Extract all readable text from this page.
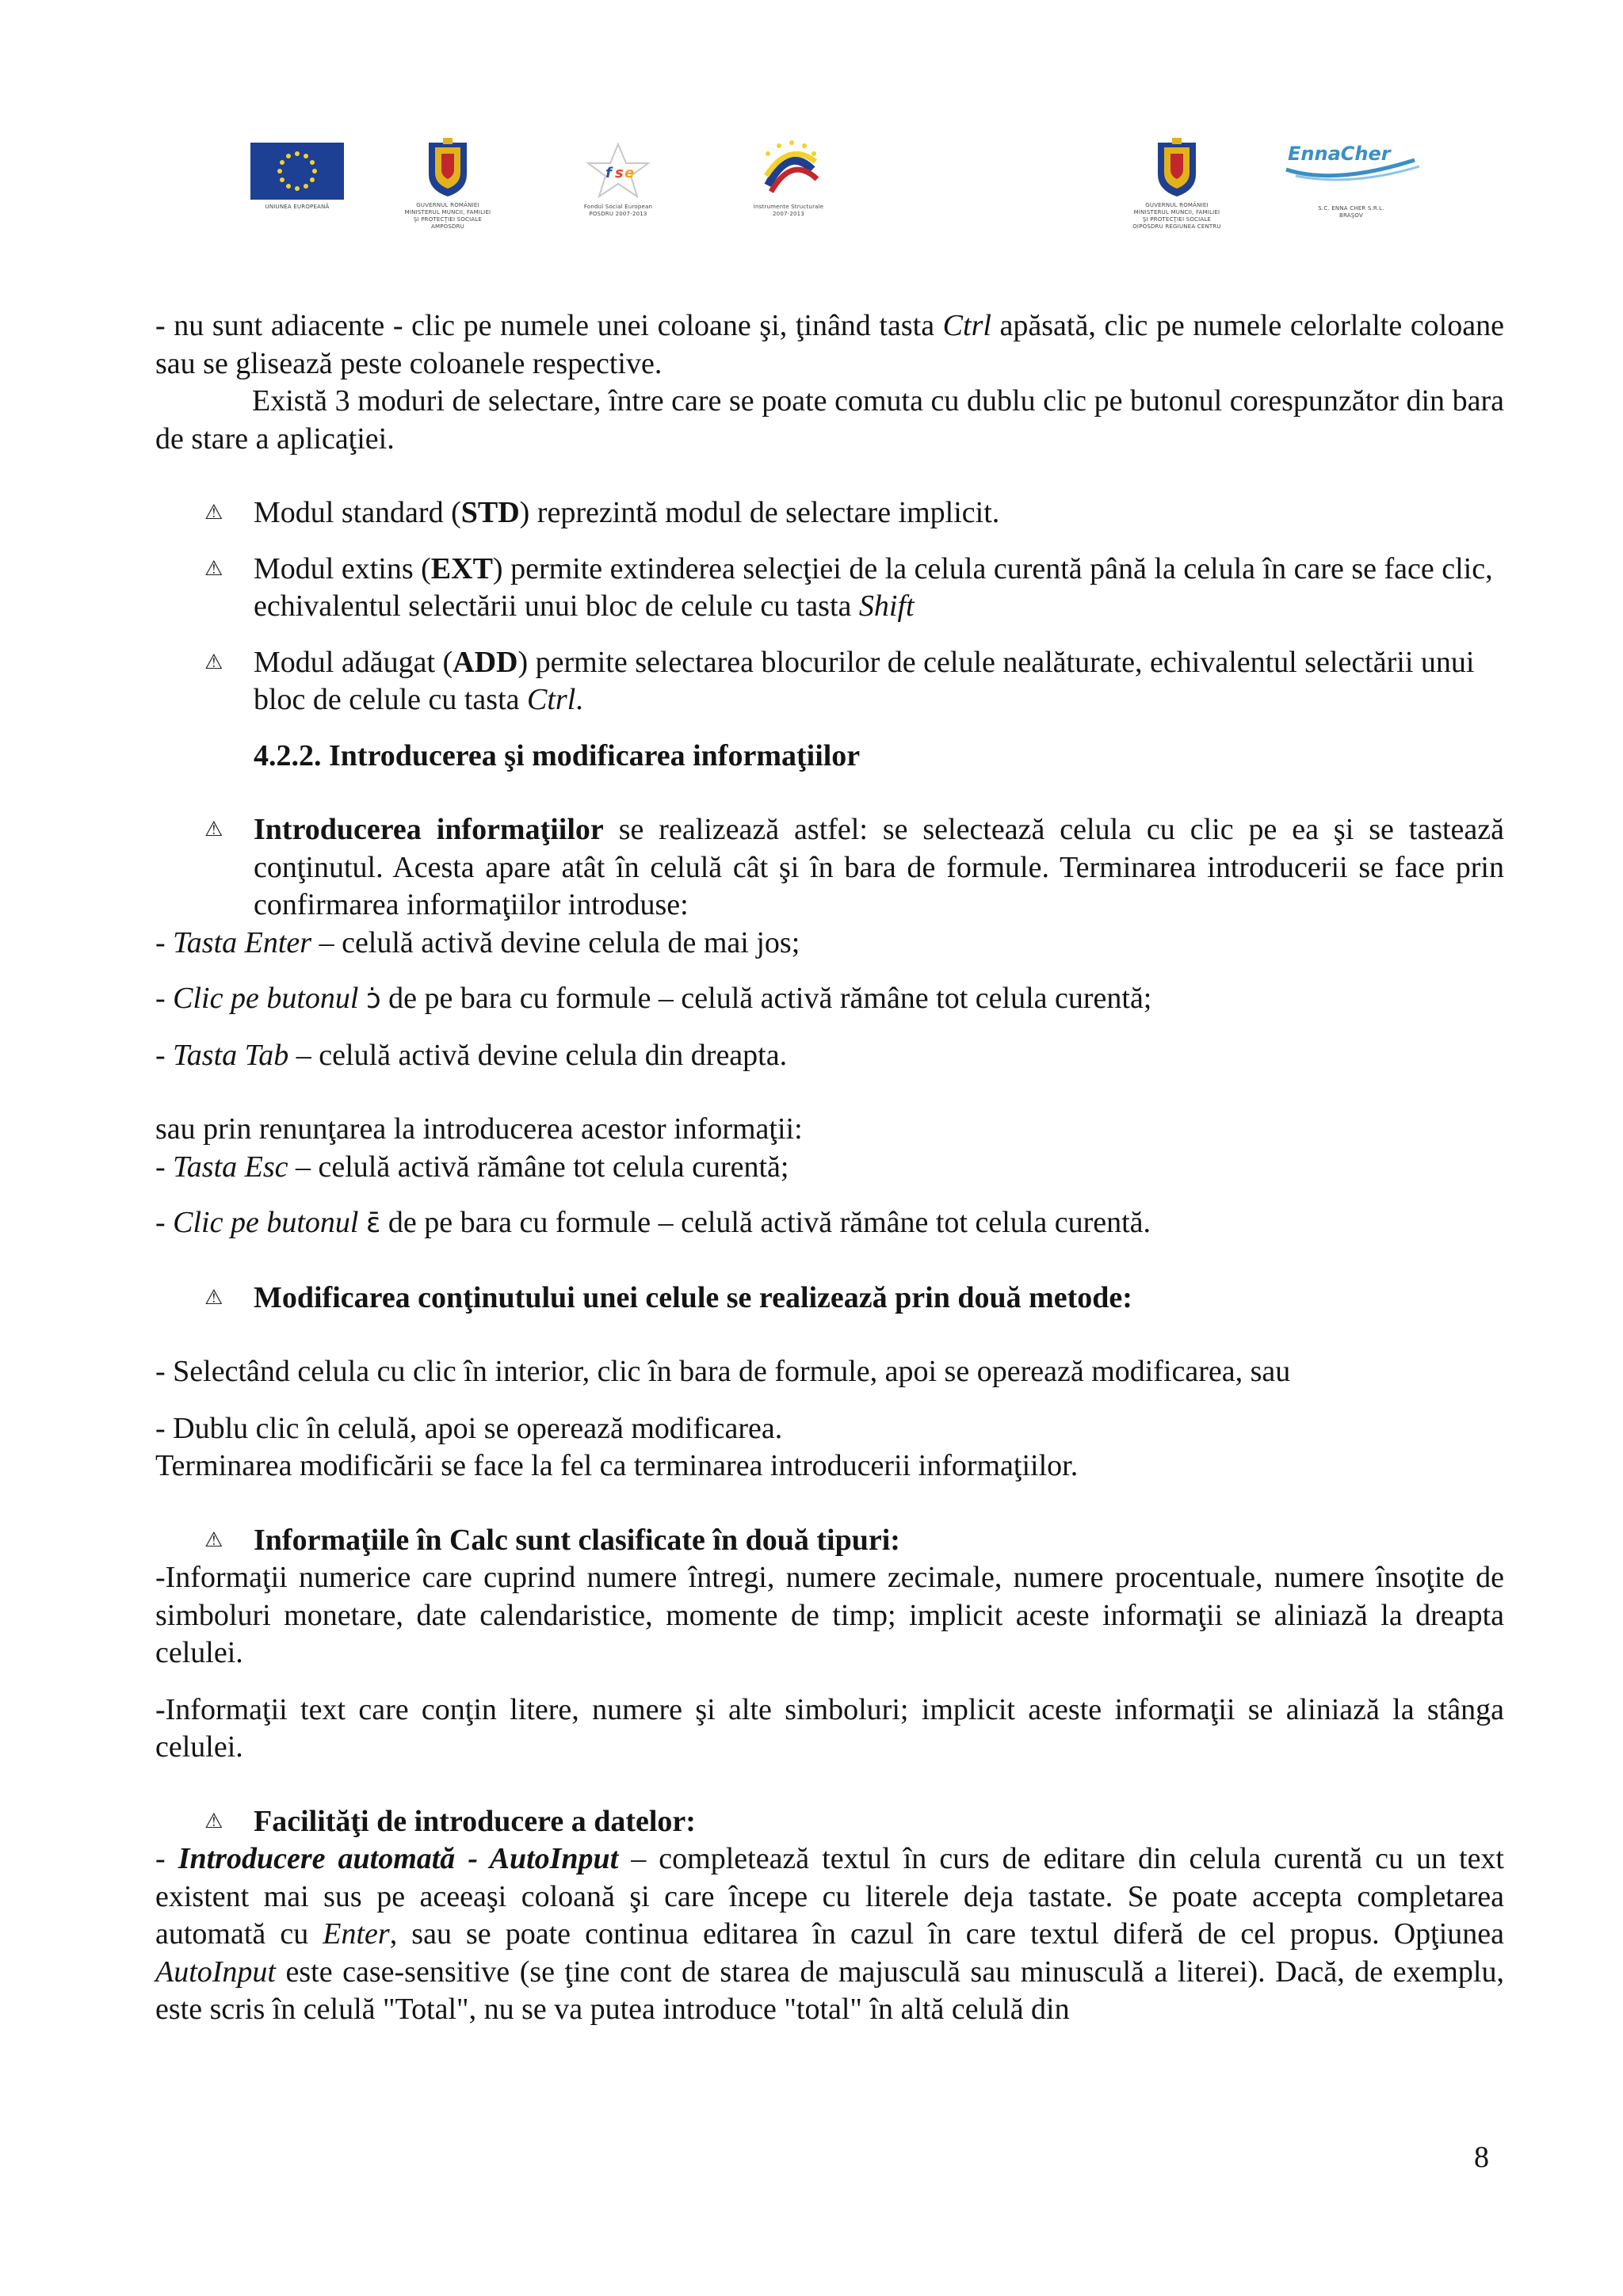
UNIUNEA EUROPEANĂ	GUVERNUL ROMÂNIEI
MINISTERUL MUNCII, FAMILIEI
ŞI PROTECŢIEI SOCIALE
AMPOSDRU
f s e
Fondul Social European
POSDRU 2007-2013
Instrumente Structurale
2007-2013
GUVERNUL ROMÂNIEI
MINISTERUL MUNCII, FAMILIEI
ŞI PROTECŢIEI SOCIALE
OIPOSDRU REGIUNEA CENTRU
EnnaCher
S.C. ENNA CHER S.R.L.
BRAŞOV

- nu sunt adiacente - clic pe numele unei coloane şi, ţinând tasta Ctrl apăsată, clic pe numele celorlalte coloane sau se glisează peste coloanele respective.

Există 3 moduri de selectare, între care se poate comuta cu dublu clic pe butonul corespunzător din bara de stare a aplicaţiei.

⚠ Modul standard (STD) reprezintă modul de selectare implicit.

⚠ Modul extins (EXT) permite extinderea selecţiei de la celula curentă până la celula în care se face clic, echivalentul selectării unui bloc de celule cu tasta Shift

⚠ Modul adăugat (ADD) permite selectarea blocurilor de celule nealăturate, echivalentul selectării unui bloc de celule cu tasta Ctrl.

4.2.2. Introducerea şi modificarea informaţiilor

⚠ Introducerea informaţiilor se realizează astfel: se selectează celula cu clic pe ea şi se tastează conţinutul. Acesta apare atât în celulă cât şi în bara de formule. Terminarea introducerii se face prin confirmarea informaţiilor introduse:

- Tasta Enter – celulă activă devine celula de mai jos;

- Clic pe butonul ɔ̇ de pe bara cu formule – celulă activă rămâne tot celula curentă;

- Tasta Tab – celulă activă devine celula din dreapta.

sau prin renunţarea la introducerea acestor informaţii:

- Tasta Esc – celulă activă rămâne tot celula curentă;

- Clic pe butonul ɛ̄ de pe bara cu formule – celulă activă rămâne tot celula curentă.

⚠ Modificarea conţinutului unei celule se realizează prin două metode:

- Selectând celula cu clic în interior, clic în bara de formule, apoi se operează modificarea, sau

- Dublu clic în celulă, apoi se operează modificarea.

Terminarea modificării se face la fel ca terminarea introducerii informaţiilor.

⚠ Informaţiile în Calc sunt clasificate în două tipuri:

-Informaţii numerice care cuprind numere întregi, numere zecimale, numere procentuale, numere însoţite de simboluri monetare, date calendaristice, momente de timp; implicit aceste informaţii se aliniază la dreapta celulei.

-Informaţii text care conţin litere, numere şi alte simboluri; implicit aceste informaţii se aliniază la stânga celulei.

⚠ Facilităţi de introducere a datelor:

- Introducere automată - AutoInput – completează textul în curs de editare din celula curentă cu un text existent mai sus pe aceeaşi coloană şi care începe cu literele deja tastate. Se poate accepta completarea automată cu Enter, sau se poate continua editarea în cazul în care textul diferă de cel propus. Opţiunea AutoInput este case-sensitive (se ţine cont de starea de majusculă sau minusculă a literei). Dacă, de exemplu, este scris în celulă "Total", nu se va putea introduce "total" în altă celulă din

8
